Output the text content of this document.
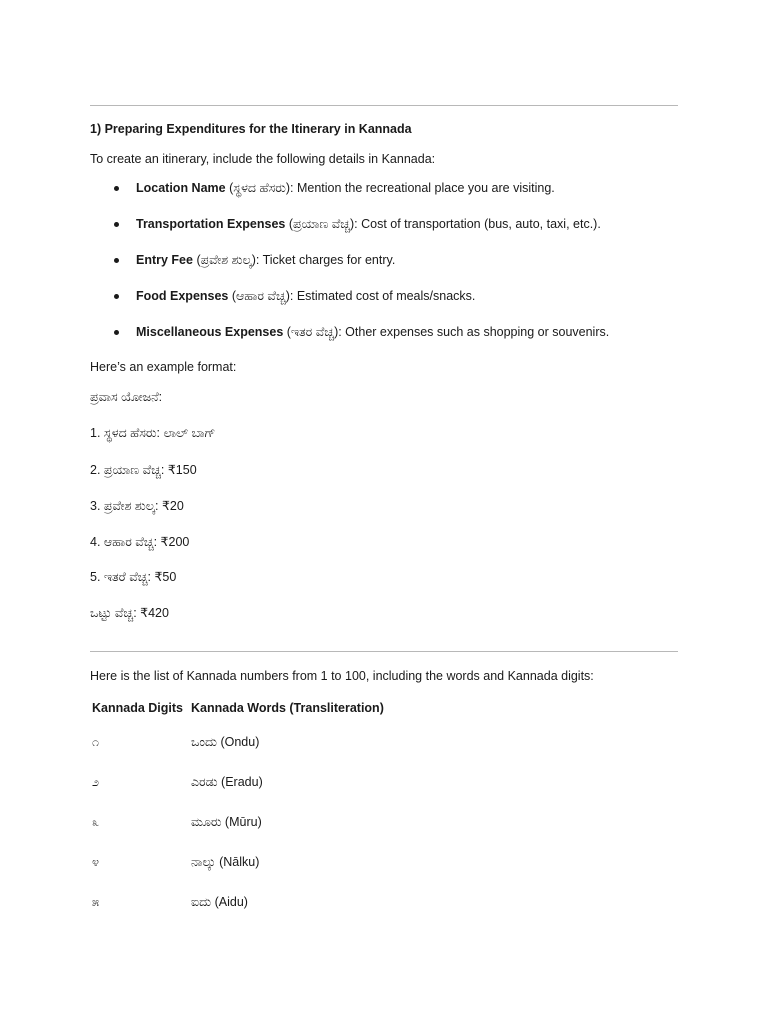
1) Preparing Expenditures for the Itinerary in Kannada
To create an itinerary, include the following details in Kannada:
Location Name (ಸ್ಥಳದ ಹೆಸರು): Mention the recreational place you are visiting.
Transportation Expenses (ಪ್ರಯಾಣ ವೆಚ್ಚ): Cost of transportation (bus, auto, taxi, etc.).
Entry Fee (ಪ್ರವೇಶ ಶುಲ್ಕ): Ticket charges for entry.
Food Expenses (ಆಹಾರ ವೆಚ್ಚ): Estimated cost of meals/snacks.
Miscellaneous Expenses (ಇತರ ವೆಚ್ಚ): Other expenses such as shopping or souvenirs.
Here’s an example format:
ಪ್ರವಾಸ ಯೋಜನೆ:
1. ಸ್ಥಳದ ಹೆಸರು: ಲಾಲ್ ಬಾಗ್
2. ಪ್ರಯಾಣ ವೆಚ್ಚ: ₹150
3. ಪ್ರವೇಶ ಶುಲ್ಕ: ₹20
4. ಆಹಾರ ವೆಚ್ಚ: ₹200
5. ಇತರೆ ವೆಚ್ಚ: ₹50
ಒಟ್ಟು ವೆಚ್ಚ: ₹420
Here is the list of Kannada numbers from 1 to 100, including the words and Kannada digits:
Kannada Digits	Kannada Words (Transliteration)
೧	ಒಂದು (Ondu)
೨	ಎರಡು (Eradu)
೩	ಮೂರು (Mūru)
೪	ನಾಲ್ಕು (Nālku)
೫	ಐದು (Aidu)
